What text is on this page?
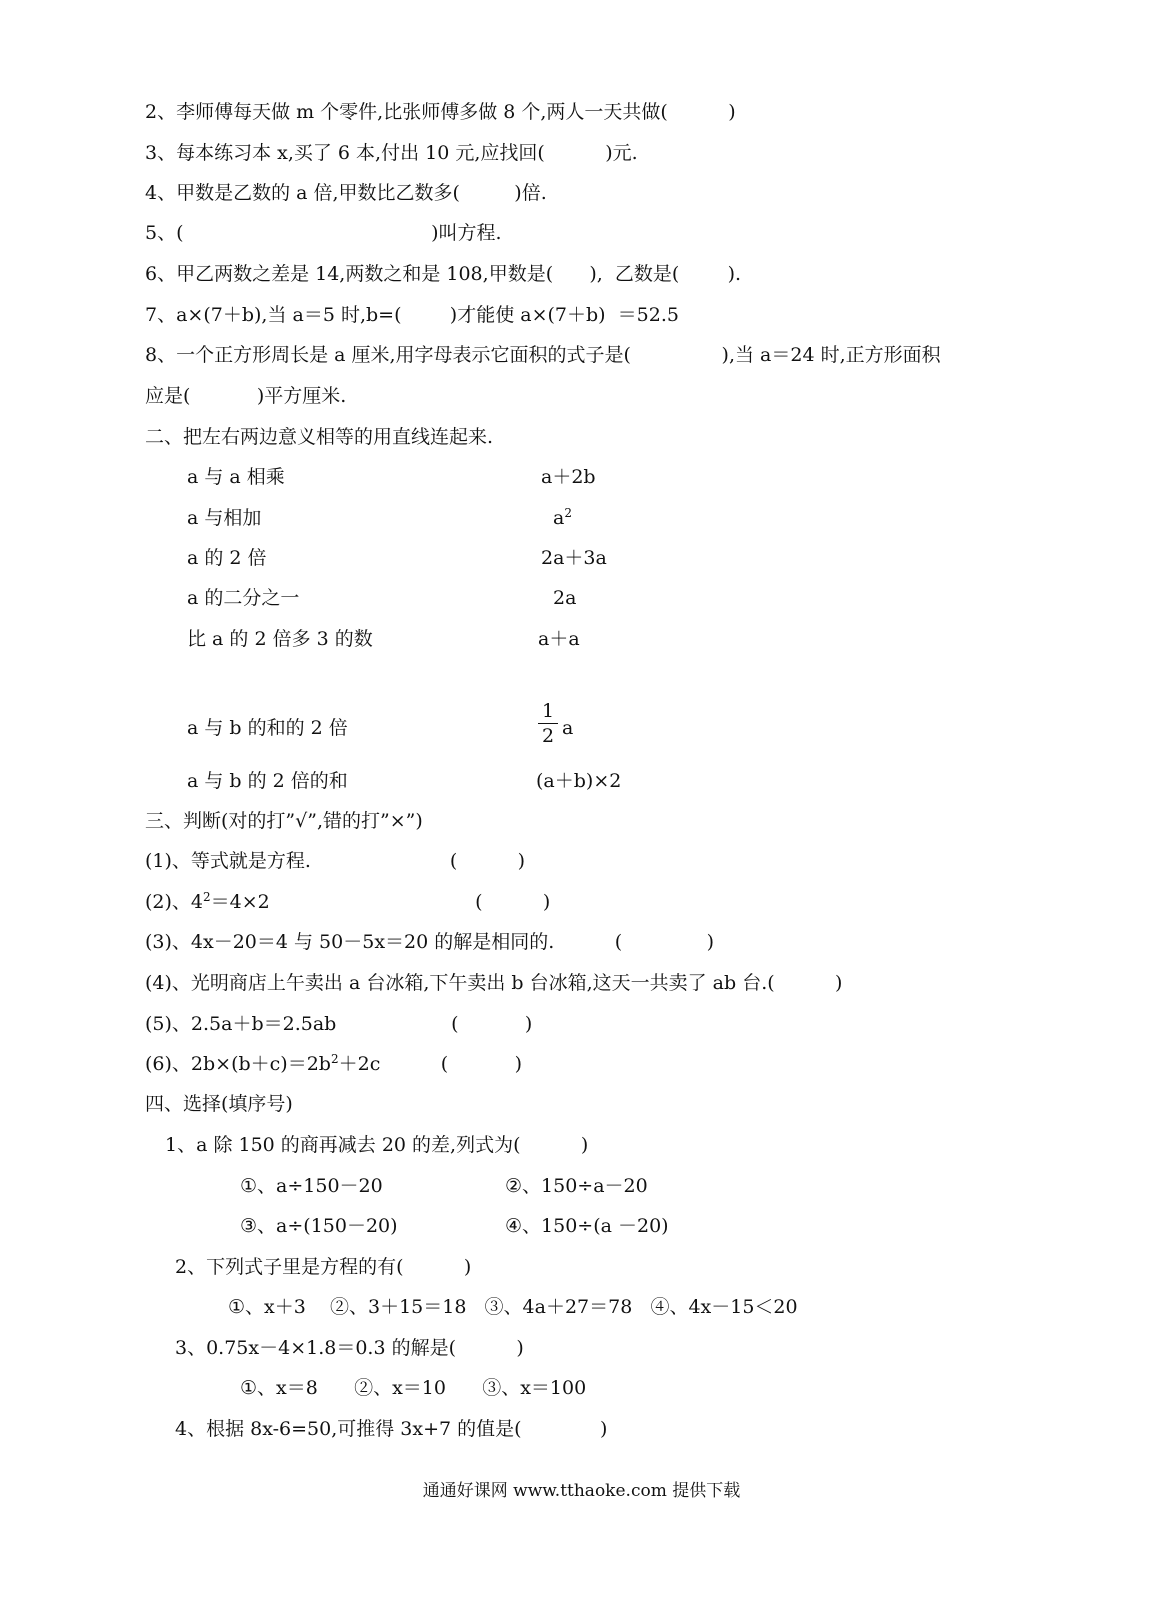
2、李师傅每天做 m 个零件,比张师傅多做 8 个,两人一天共做(          )
3、每本练习本 x,买了 6 本,付出 10 元,应找回(          )元.
4、甲数是乙数的 a 倍,甲数比乙数多(         )倍.
5、(                                         )叫方程.
6、甲乙两数之差是 14,两数之和是 108,甲数是(      ),  乙数是(        ).
7、a×(7＋b),当 a＝5 时,b=(        )才能使 a×(7＋b)  ＝52.5
8、一个正方形周长是 a 厘米,用字母表示它面积的式子是(               ),当 a＝24 时,正方形面积
应是(           )平方厘米.
二、把左右两边意义相等的用直线连起来.
a 与 a 相乘
a 与相加
a 的 2 倍
a 的二分之一
比 a 的 2 倍多 3 的数
a 与 b 的和的 2 倍
a 与 b 的 2 倍的和
a＋2b
$a^2$
2a＋3a
2a
a＋a
1
2 a
(a＋b)×2
三、判断(对的打”√”,错的打”×”)
(1)、等式就是方程.                       (          )
(2)、$4^2=4\times 2$                                  (          )
(3)、4x－20＝4 与 50－5x＝20 的解是相同的.          (              )
(4)、光明商店上午卖出 a 台冰箱,下午卖出 b 台冰箱,这天一共卖了 ab 台.(          )
(5)、2.5a＋b＝2.5ab                   (           )
(6)、$2b\times(b+c)=2b^2+2c$          (           )
四、选择(填序号)
1、a 除 150 的商再减去 20 的差,列式为(          )
①、a÷150－20	②、150÷a－20
③、a÷(150－20)	④、150÷(a －20)
2、下列式子里是方程的有(          )
①、x＋3    ②、3＋15＝18   ③、4a＋27＝78   ④、4x－15＜20
3、0.75x－4×1.8＝0.3 的解是(          )
①、x＝8      ②、x＝10      ③、x＝100
4、根据 8x-6=50,可推得 3x+7 的值是(             )
通通好课网 www.tthaoke.com 提供下载
